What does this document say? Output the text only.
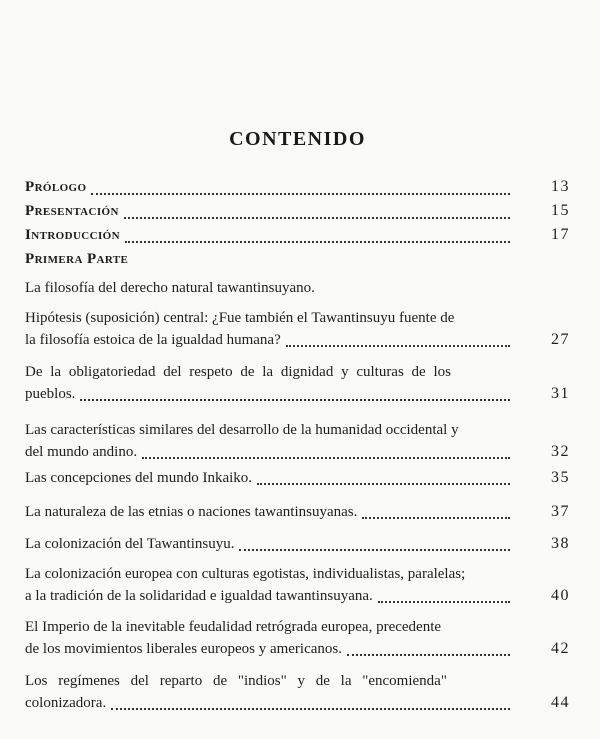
CONTENIDO
Prólogo	13
Presentación	15
Introducción	17
Primera Parte
La filosofía del derecho natural tawantinsuyano.
Hipótesis (suposición) central: ¿Fue también el Tawantinsuyu fuente de
la filosofía estoica de la igualdad humana?	27
De la obligatoriedad del respeto de la dignidad y culturas de los
pueblos.	31
Las características similares del desarrollo de la humanidad occidental y
del mundo andino.	32
Las concepciones del mundo Inkaiko.	35
La naturaleza de las etnias o naciones tawantinsuyanas.	37
La colonización del Tawantinsuyu.	38
La colonización europea con culturas egotistas, individualistas, paralelas;
a la tradición de la solidaridad e igualdad tawantinsuyana.	40
El Imperio de la inevitable feudalidad retrógrada europea, precedente
de los movimientos liberales europeos y americanos.	42
Los regímenes del reparto de "indios" y de la "encomienda"
colonizadora.	44
